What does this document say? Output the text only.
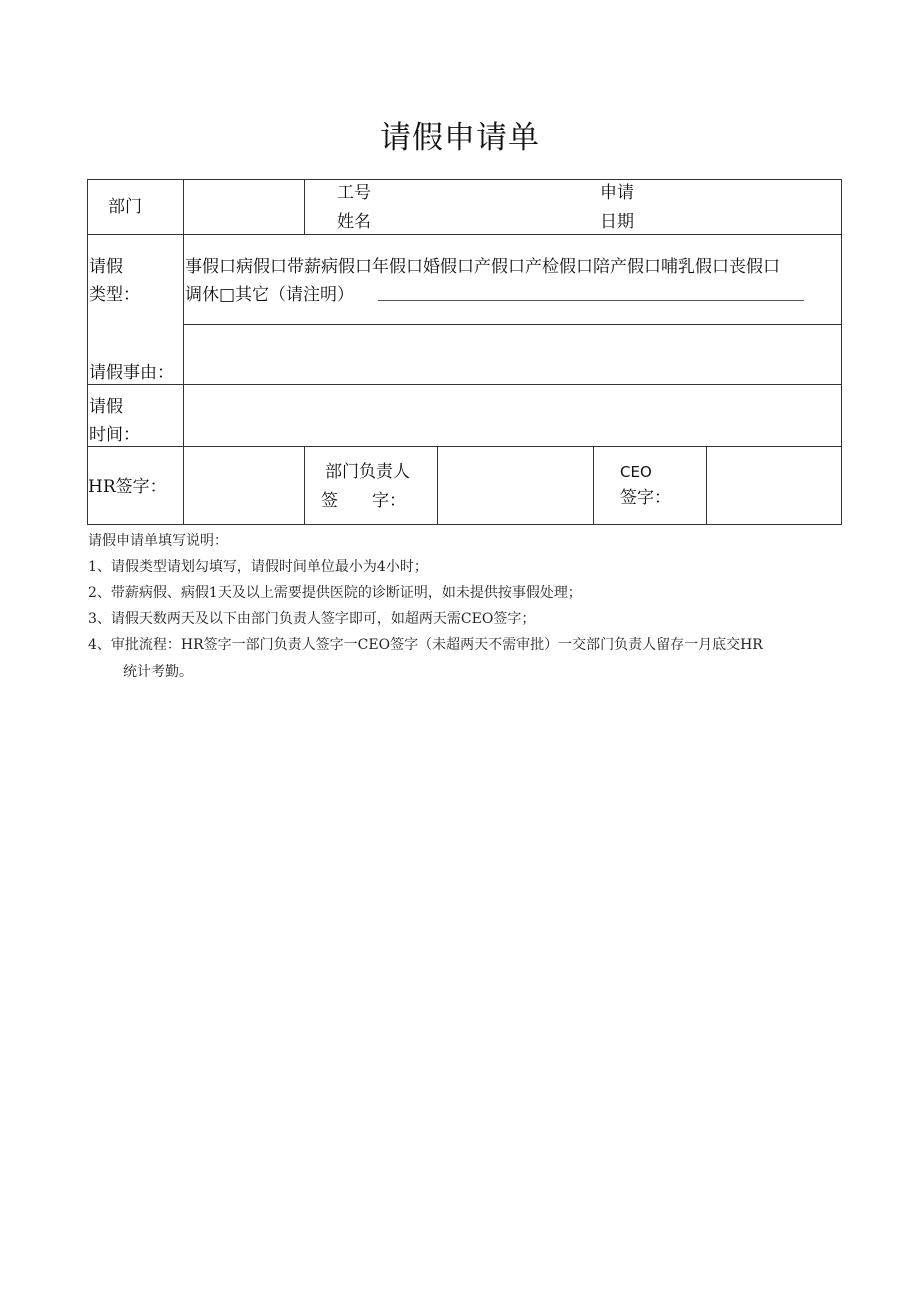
请假申请单
部门
工号
姓名
申请
日期
请假
类型：
事假口病假口带薪病假口年假口婚假口产假口产检假口陪产假口哺乳假口丧假口
调休□其它（请注明）
请假事由：
请假
时间：
HR签字：
部门负责人
签　　字：
CEO
签字：
请假申请单填写说明：
1、请假类型请划勾填写，请假时间单位最小为4小时；
2、带薪病假、病假1天及以上需要提供医院的诊断证明，如未提供按事假处理；
3、请假天数两天及以下由部门负责人签字即可，如超两天需CEO签字；
4、审批流程：HR签字一部门负责人签字一CEO签字（未超两天不需审批）一交部门负责人留存一月底交HR
统计考勤。
